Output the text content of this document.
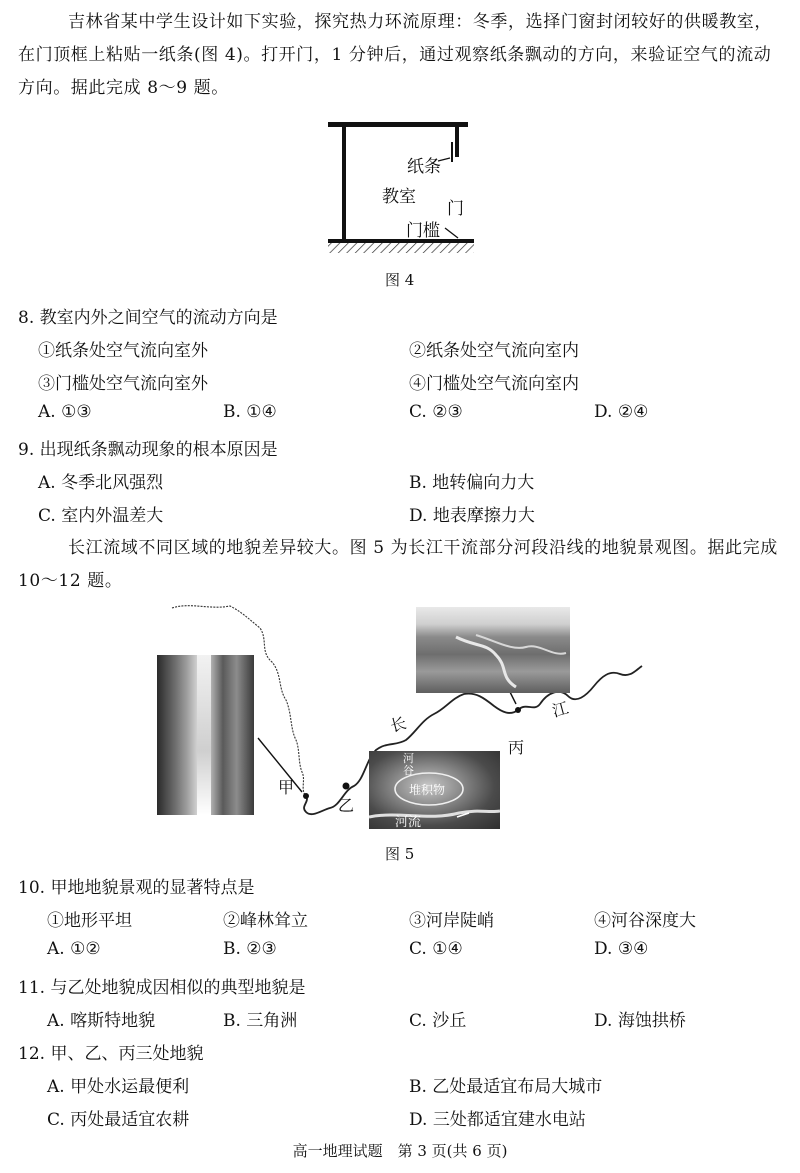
吉林省某中学生设计如下实验，探究热力环流原理：冬季，选择门窗封闭较好的供暖教室，在门顶框上粘贴一纸条(图 4)。打开门，1 分钟后，通过观察纸条飘动的方向，来验证空气的流动方向。据此完成 8～9 题。
纸条
教室
门
门槛
图 4
8. 教室内外之间空气的流动方向是
①纸条处空气流向室外	②纸条处空气流向室内
③门槛处空气流向室外	④门槛处空气流向室内
A. ①③	B. ①④	C. ②③	D. ②④
9. 出现纸条飘动现象的根本原因是
A. 冬季北风强烈	B. 地转偏向力大
C. 室内外温差大	D. 地表摩擦力大
长江流域不同区域的地貌差异较大。图 5 为长江干流部分河段沿线的地貌景观图。据此完成 10～12 题。
河谷
堆积物
河流
甲
乙
丙
长
江
图 5
10. 甲地地貌景观的显著特点是
①地形平坦	②峰林耸立	③河岸陡峭	④河谷深度大
A. ①②	B. ②③	C. ①④	D. ③④
11. 与乙处地貌成因相似的典型地貌是
A. 喀斯特地貌	B. 三角洲	C. 沙丘	D. 海蚀拱桥
12. 甲、乙、丙三处地貌
A. 甲处水运最便利	B. 乙处最适宜布局大城市
C. 丙处最适宜农耕	D. 三处都适宜建水电站
高一地理试题　第 3 页(共 6 页)
